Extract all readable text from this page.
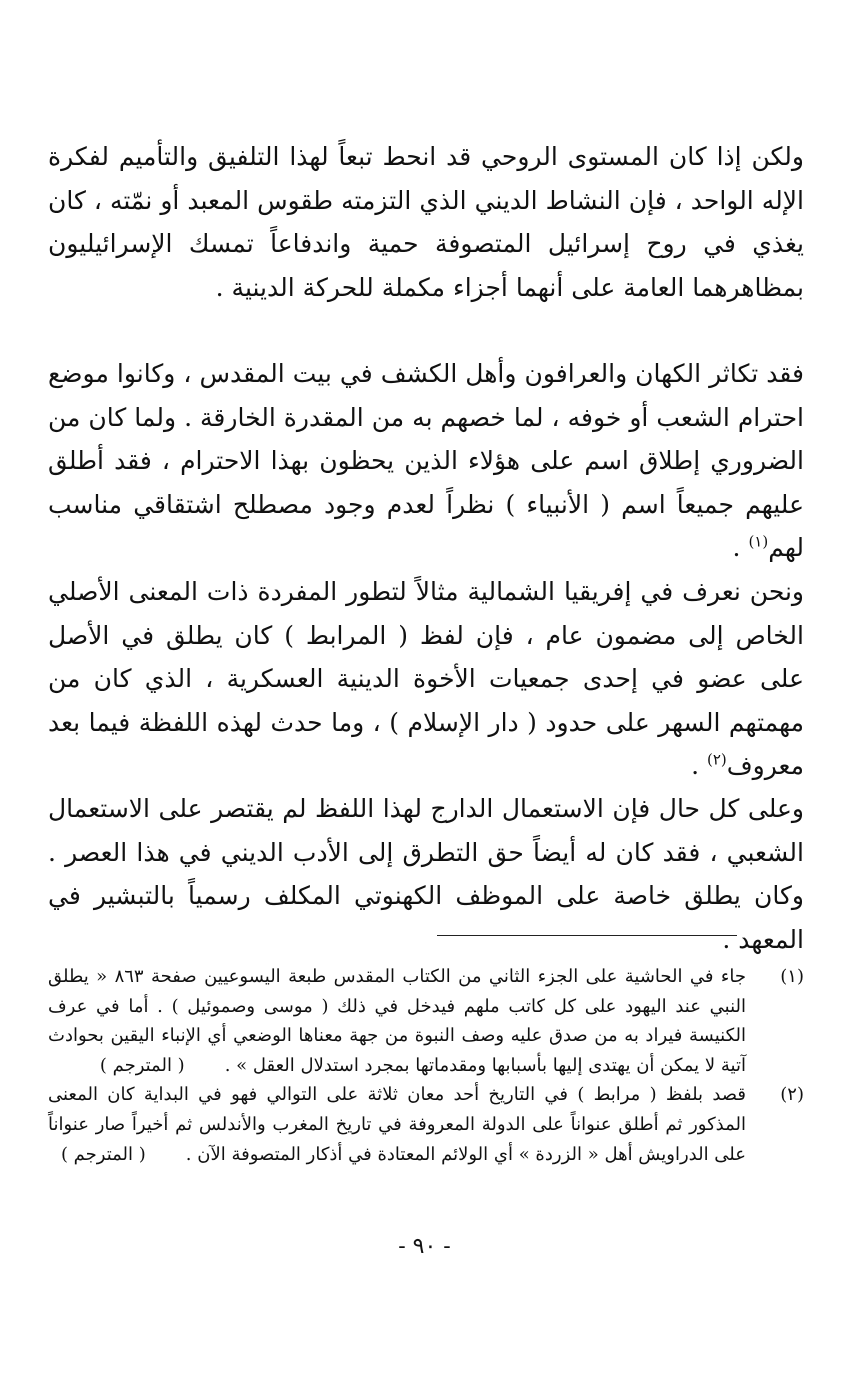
ولكن إذا كان المستوى الروحي قد انحط تبعاً لهذا التلفيق والتأميم لفكرة الإله الواحد ، فإن النشاط الديني الذي التزمته طقوس المعبد أو نمّته ، كان يغذي في روح إسرائيل المتصوفة حمية واندفاعاً تمسك الإسرائيليون بمظاهرهما العامة على أنهما أجزاء مكملة للحركة الدينية .

فقد تكاثر الكهان والعرافون وأهل الكشف في بيت المقدس ، وكانوا موضع احترام الشعب أو خوفه ، لما خصهم به من المقدرة الخارقة . ولما كان من الضروري إطلاق اسم على هؤلاء الذين يحظون بهذا الاحترام ، فقد أطلق عليهم جميعاً اسم ( الأنبياء ) نظراً لعدم وجود مصطلح اشتقاقي مناسب لهم$^{(١)}$ .

ونحن نعرف في إفريقيا الشمالية مثالاً لتطور المفردة ذات المعنى الأصلي الخاص إلى مضمون عام ، فإن لفظ ( المرابط ) كان يطلق في الأصل على عضو في إحدى جمعيات الأخوة الدينية العسكرية ، الذي كان من مهمتهم السهر على حدود ( دار الإسلام ) ، وما حدث لهذه اللفظة فيما بعد معروف$^{(٢)}$ .

وعلى كل حال فإن الاستعمال الدارج لهذا اللفظ لم يقتصر على الاستعمال الشعبي ، فقد كان له أيضاً حق التطرق إلى الأدب الديني في هذا العصر . وكان يطلق خاصة على الموظف الكهنوتي المكلف رسمياً بالتبشير في المعهد .

(١)
جاء في الحاشية على الجزء الثاني من الكتاب المقدس طبعة اليسوعيين صفحة ٨٦٣ « يطلق النبي عند اليهود على كل كاتب ملهم فيدخل في ذلك ( موسى وصموئيل ) . أما في عرف الكنيسة فيراد به من صدق عليه وصف النبوة من جهة معناها الوضعي أي الإنباء اليقين بحوادث آتية لا يمكن أن يهتدى إليها بأسبابها ومقدماتها بمجرد استدلال العقل » .( المترجم )
(٢)
قصد بلفظ ( مرابط ) في التاريخ أحد معان ثلاثة على التوالي فهو في البداية كان المعنى المذكور ثم أطلق عنواناً على الدولة المعروفة في تاريخ المغرب والأندلس ثم أخيراً صار عنواناً على الدراويش أهل « الزردة » أي الولائم المعتادة في أذكار المتصوفة الآن .( المترجم )
- ٩٠ -
